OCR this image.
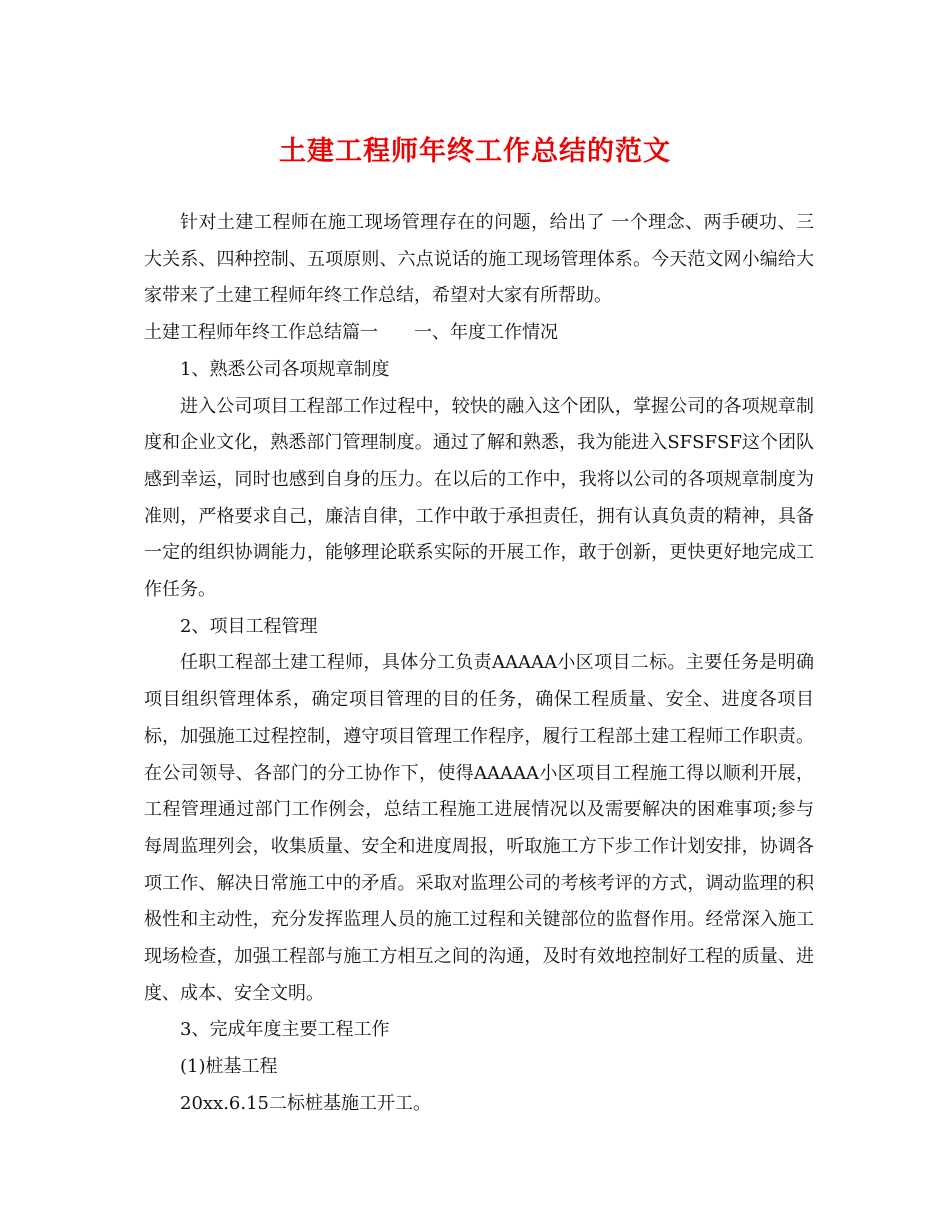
土建工程师年终工作总结的范文

针对土建工程师在施工现场管理存在的问题，给出了 一个理念、两手硬功、三大关系、四种控制、五项原则、六点说话的施工现场管理体系。今天范文网小编给大家带来了土建工程师年终工作总结，希望对大家有所帮助。

土建工程师年终工作总结篇一　　一、年度工作情况

1、熟悉公司各项规章制度

进入公司项目工程部工作过程中，较快的融入这个团队，掌握公司的各项规章制度和企业文化，熟悉部门管理制度。通过了解和熟悉，我为能进入SFSFSF这个团队感到幸运，同时也感到自身的压力。在以后的工作中，我将以公司的各项规章制度为准则，严格要求自己，廉洁自律，工作中敢于承担责任，拥有认真负责的精神，具备一定的组织协调能力，能够理论联系实际的开展工作，敢于创新，更快更好地完成工作任务。

2、项目工程管理

任职工程部土建工程师，具体分工负责AAAAA小区项目二标。主要任务是明确项目组织管理体系，确定项目管理的目的任务，确保工程质量、安全、进度各项目标，加强施工过程控制，遵守项目管理工作程序，履行工程部土建工程师工作职责。 在公司领导、各部门的分工协作下，使得AAAAA小区项目工程施工得以顺利开展，工程管理通过部门工作例会，总结工程施工进展情况以及需要解决的困难事项;参与每周监理列会，收集质量、安全和进度周报，听取施工方下步工作计划安排，协调各项工作、解决日常施工中的矛盾。采取对监理公司的考核考评的方式，调动监理的积极性和主动性，充分发挥监理人员的施工过程和关键部位的监督作用。经常深入施工现场检查，加强工程部与施工方相互之间的沟通，及时有效地控制好工程的质量、进度、成本、安全文明。

3、完成年度主要工程工作

(1)桩基工程

20xx.6.15二标桩基施工开工。
